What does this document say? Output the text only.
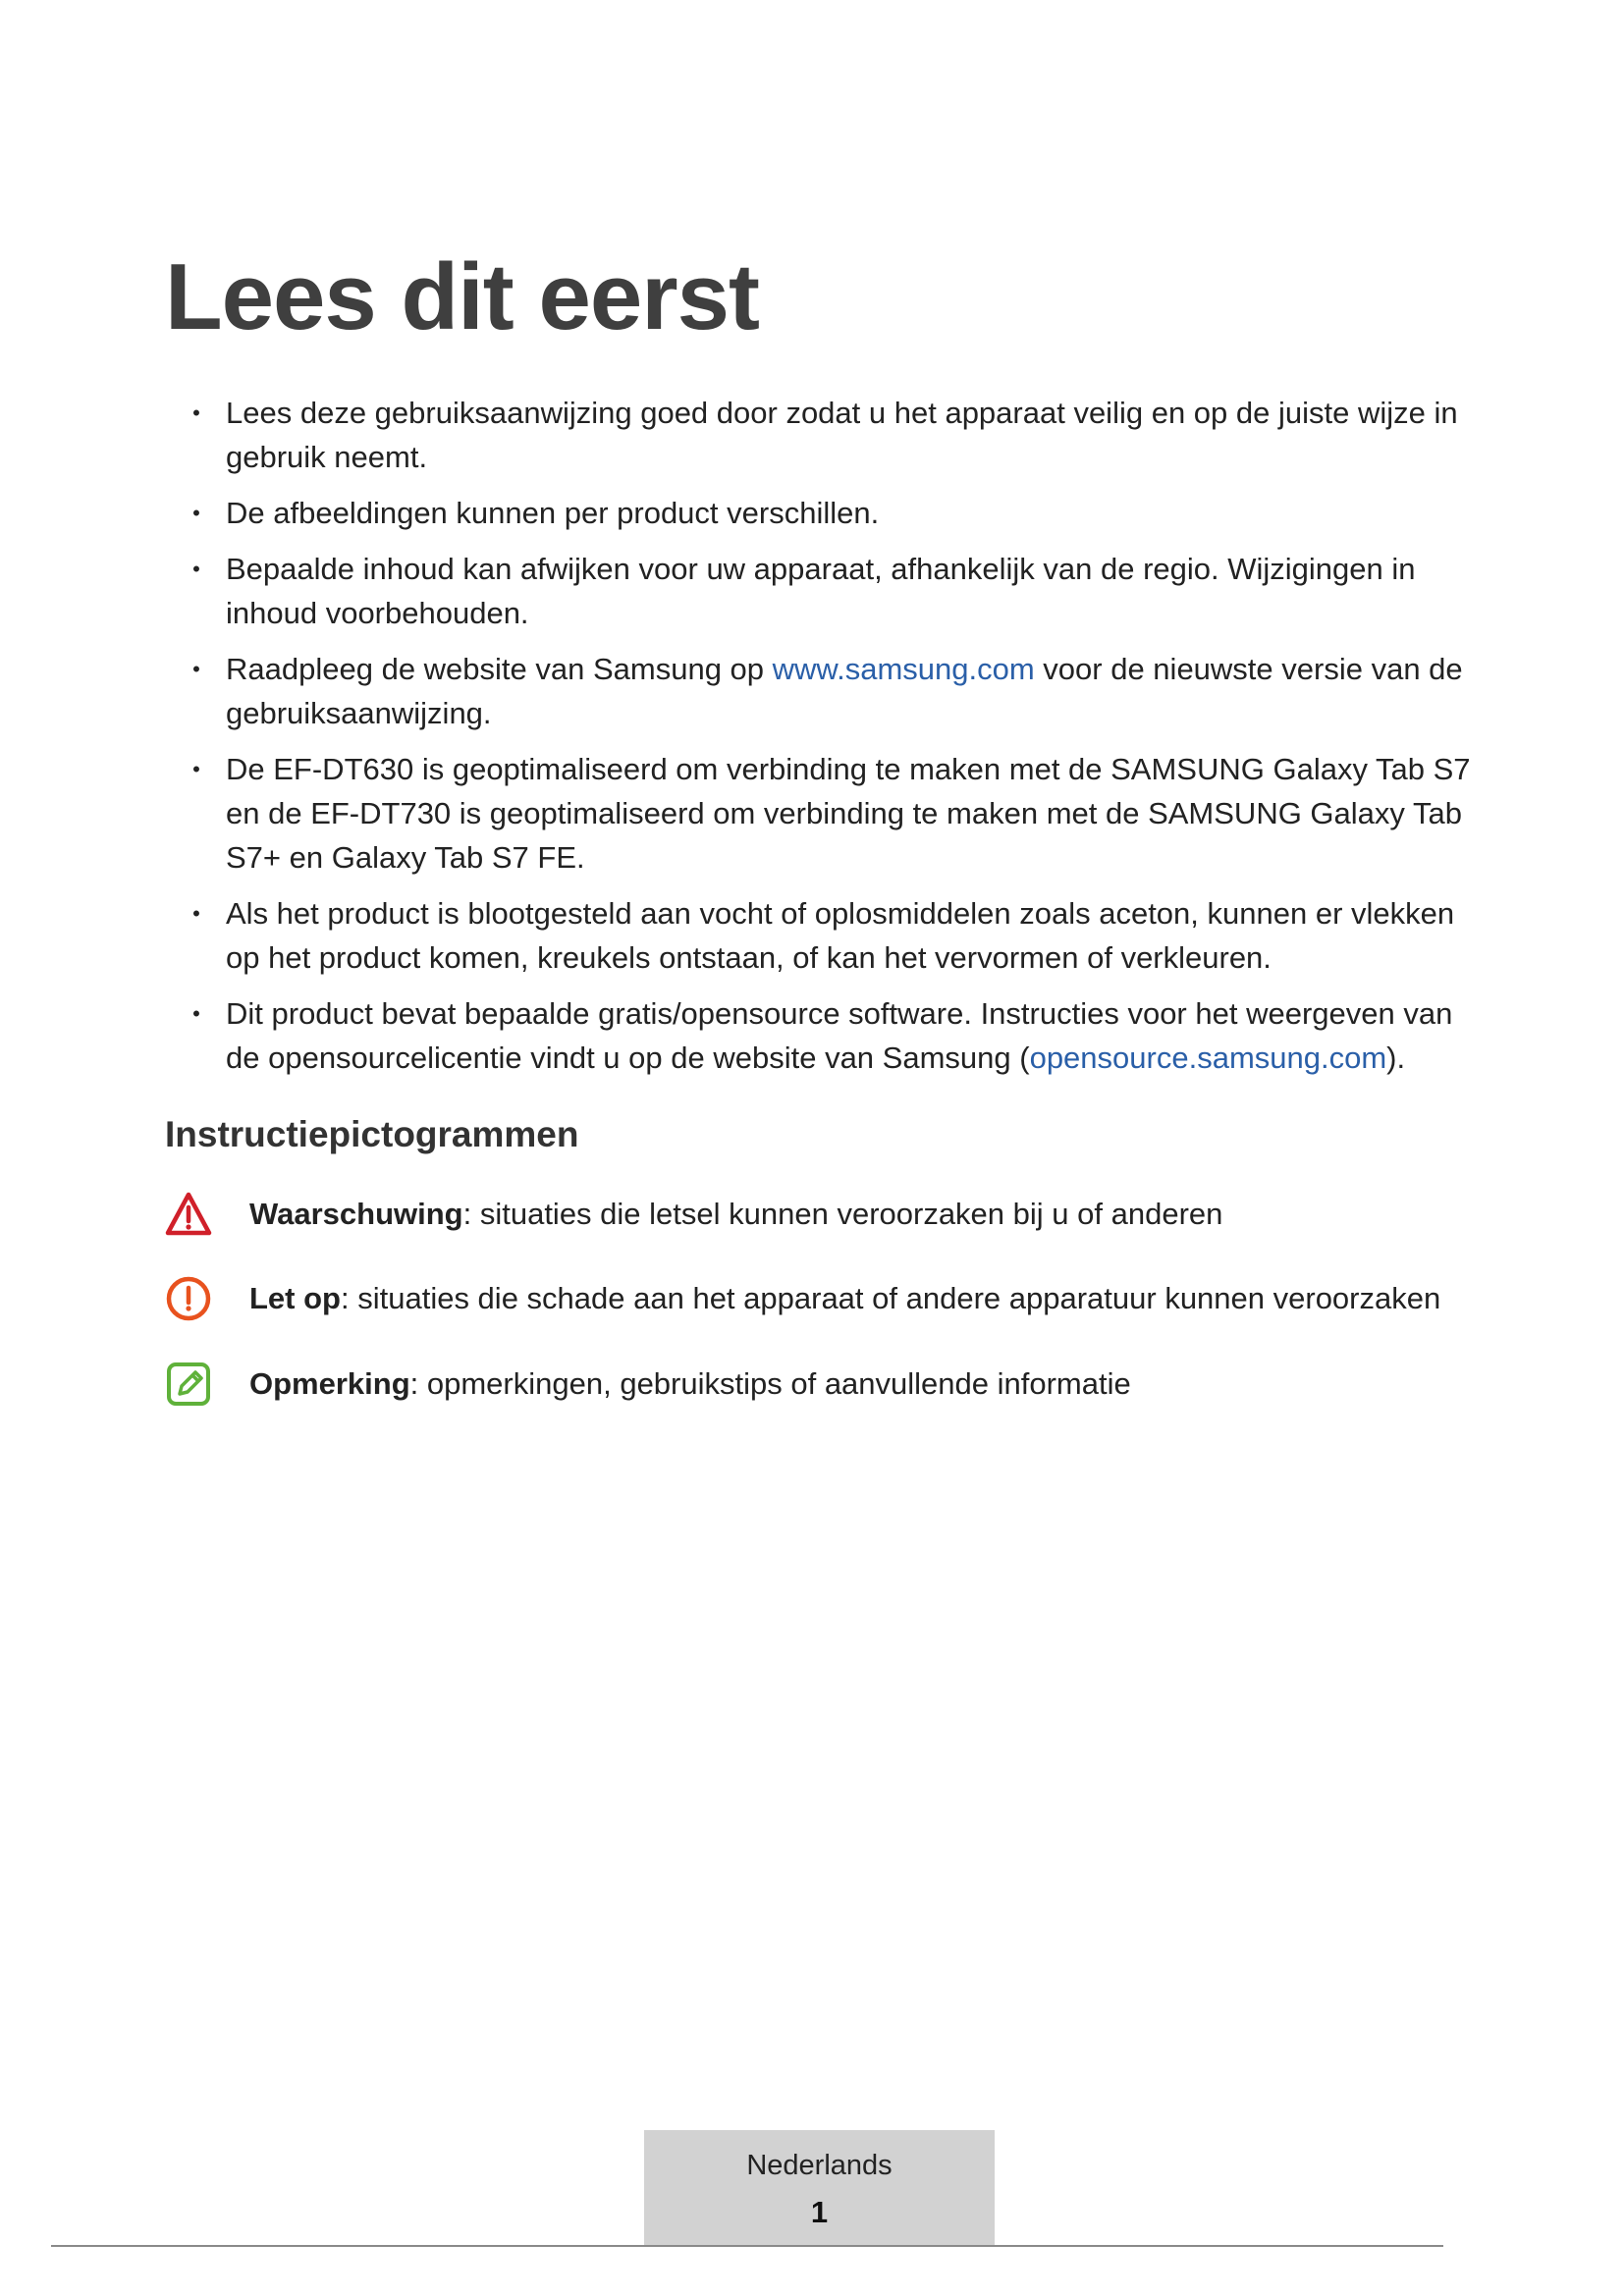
Lees dit eerst
• Lees deze gebruiksaanwijzing goed door zodat u het apparaat veilig en op de juiste wijze in gebruik neemt.
• De afbeeldingen kunnen per product verschillen.
• Bepaalde inhoud kan afwijken voor uw apparaat, afhankelijk van de regio. Wijzigingen in inhoud voorbehouden.
• Raadpleeg de website van Samsung op www.samsung.com voor de nieuwste versie van de gebruiksaanwijzing.
• De EF-DT630 is geoptimaliseerd om verbinding te maken met de SAMSUNG Galaxy Tab S7 en de EF-DT730 is geoptimaliseerd om verbinding te maken met de SAMSUNG Galaxy Tab S7+ en Galaxy Tab S7 FE.
• Als het product is blootgesteld aan vocht of oplosmiddelen zoals aceton, kunnen er vlekken op het product komen, kreukels ontstaan, of kan het vervormen of verkleuren.
• Dit product bevat bepaalde gratis/opensource software. Instructies voor het weergeven van de opensourcelicentie vindt u op de website van Samsung (opensource.samsung.com).
Instructiepictogrammen
Waarschuwing : situaties die letsel kunnen veroorzaken bij u of anderen
Let op : situaties die schade aan het apparaat of andere apparatuur kunnen veroorzaken
Opmerking : opmerkingen, gebruikstips of aanvullende informatie
Nederlands
1
